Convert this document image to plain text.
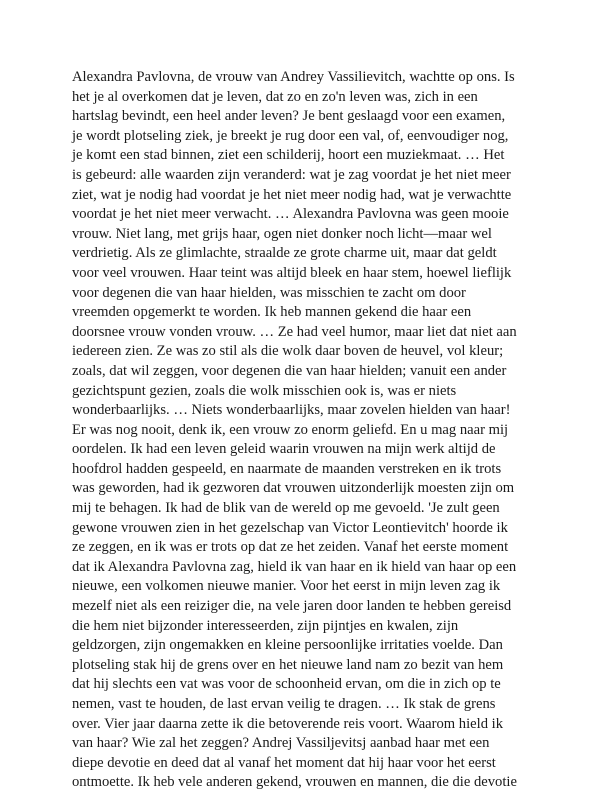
Alexandra Pavlovna, de vrouw van Andrey Vassilievitch, wachtte op ons. Is
het je al overkomen dat je leven, dat zo en zo'n leven was, zich in een
hartslag bevindt, een heel ander leven? Je bent geslaagd voor een examen,
je wordt plotseling ziek, je breekt je rug door een val, of, eenvoudiger nog,
je komt een stad binnen, ziet een schilderij, hoort een muziekmaat. … Het
is gebeurd: alle waarden zijn veranderd: wat je zag voordat je het niet meer
ziet, wat je nodig had voordat je het niet meer nodig had, wat je verwachtte
voordat je het niet meer verwacht. … Alexandra Pavlovna was geen mooie
vrouw. Niet lang, met grijs haar, ogen niet donker noch licht—maar wel
verdrietig. Als ze glimlachte, straalde ze grote charme uit, maar dat geldt
voor veel vrouwen. Haar teint was altijd bleek en haar stem, hoewel lieflijk
voor degenen die van haar hielden, was misschien te zacht om door
vreemden opgemerkt te worden. Ik heb mannen gekend die haar een
doorsnee vrouw vonden vrouw. … Ze had veel humor, maar liet dat niet aan
iedereen zien. Ze was zo stil als die wolk daar boven de heuvel, vol kleur;
zoals, dat wil zeggen, voor degenen die van haar hielden; vanuit een ander
gezichtspunt gezien, zoals die wolk misschien ook is, was er niets
wonderbaarlijks. … Niets wonderbaarlijks, maar zovelen hielden van haar!
Er was nog nooit, denk ik, een vrouw zo enorm geliefd. En u mag naar mij
oordelen. Ik had een leven geleid waarin vrouwen na mijn werk altijd de
hoofdrol hadden gespeeld, en naarmate de maanden verstreken en ik trots
was geworden, had ik gezworen dat vrouwen uitzonderlijk moesten zijn om
mij te behagen. Ik had de blik van de wereld op me gevoeld. 'Je zult geen
gewone vrouwen zien in het gezelschap van Victor Leontievitch' hoorde ik
ze zeggen, en ik was er trots op dat ze het zeiden. Vanaf het eerste moment
dat ik Alexandra Pavlovna zag, hield ik van haar en ik hield van haar op een
nieuwe, een volkomen nieuwe manier. Voor het eerst in mijn leven zag ik
mezelf niet als een reiziger die, na vele jaren door landen te hebben gereisd
die hem niet bijzonder interesseerden, zijn pijntjes en kwalen, zijn
geldzorgen, zijn ongemakken en kleine persoonlijke irritaties voelde. Dan
plotseling stak hij de grens over en het nieuwe land nam zo bezit van hem
dat hij slechts een vat was voor de schoonheid ervan, om die in zich op te
nemen, vast te houden, de last ervan veilig te dragen. … Ik stak de grens
over. Vier jaar daarna zette ik die betoverende reis voort. Waarom hield ik
van haar? Wie zal het zeggen? Andrej Vassiljevitsj aanbad haar met een
diepe devotie en deed dat al vanaf het moment dat hij haar voor het eerst
ontmoette. Ik heb vele anderen gekend, vrouwen en mannen, die die devotie
